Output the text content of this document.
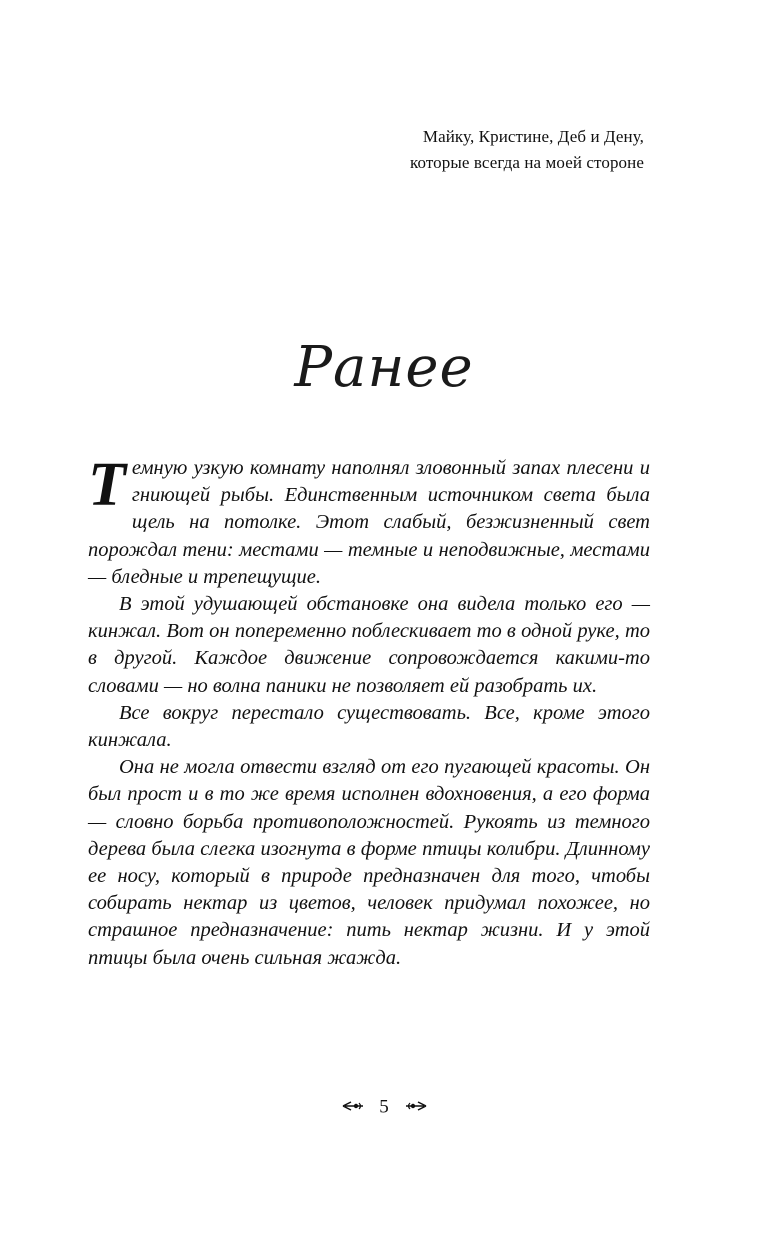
Майку, Кристине, Деб и Дену,
которые всегда на моей стороне
Ранее

Темную узкую комнату наполнял зловонный запах плесени и гниющей рыбы. Единственным источником света была щель на потолке. Этот слабый, безжизненный свет порождал тени: местами — темные и неподвижные, местами — бледные и трепещущие.

В этой удушающей обстановке она видела только его — кинжал. Вот он попеременно поблескивает то в одной руке, то в другой. Каждое движение сопровождается какими-то словами — но волна паники не позволяет ей разобрать их.

Все вокруг перестало существовать. Все, кроме этого кинжала.

Она не могла отвести взгляд от его пугающей красоты. Он был прост и в то же время исполнен вдохновения, а его форма — словно борьба противоположностей. Рукоять из темного дерева была слегка изогнута в форме птицы колибри. Длинному ее носу, который в природе предназначен для того, чтобы собирать нектар из цветов, человек придумал похожее, но страшное предназначение: пить нектар жизни. И у этой птицы была очень сильная жажда.

5
